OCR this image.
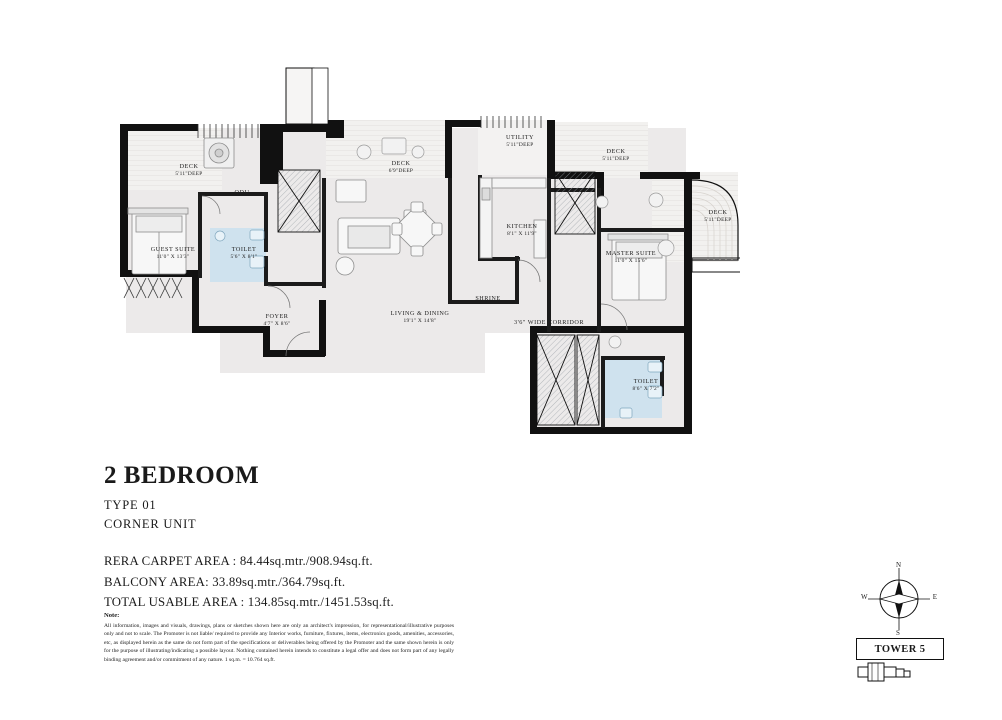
DECK
5'11"DEEP
ODU
GUEST SUITE
11'0" X 13'3"
TOILET
5'6" X 8'1"
DECK
6'9"DEEP
UTILITY
5'11"DEEP
DECK
5'11"DEEP
DECK
5'11"DEEP
KITCHEN
8'1" X 11'9"
MASTER SUITE
11'0" X 15'6"
SHRINE
FOYER
4'7" X 8'6"
LIVING & DINING
19'1" X 14'8"	3'6" WIDE CORRIDOR
TOILET
8'6" X 7'2"
2 BEDROOM
TYPE 01
CORNER UNIT
RERA CARPET AREA : 84.44sq.mtr./908.94sq.ft.
BALCONY AREA: 33.89sq.mtr./364.79sq.ft.
TOTAL USABLE AREA : 134.85sq.mtr./1451.53sq.ft.
Note:
All information, images and visuals, drawings, plans or sketches shown here are only an architect's impression, for representational/illustrative purposes only and not to scale. The Promoter is not liable/ required to provide any Interior works, furniture, fixtures, items, electronics goods, amenities, accessories, etc, as displayed herein as the same do not form part of the specifications or deliverables being offered by the Promoter and the same shown herein is only for the purpose of illustrating/indicating a possible layout. Nothing contained herein intends to constitute a legal offer and does not form part of any legally binding agreement and/or commitment of any nature. 1 sq.m. = 10.764 sq.ft.
N
S
E
W
TOWER 5
